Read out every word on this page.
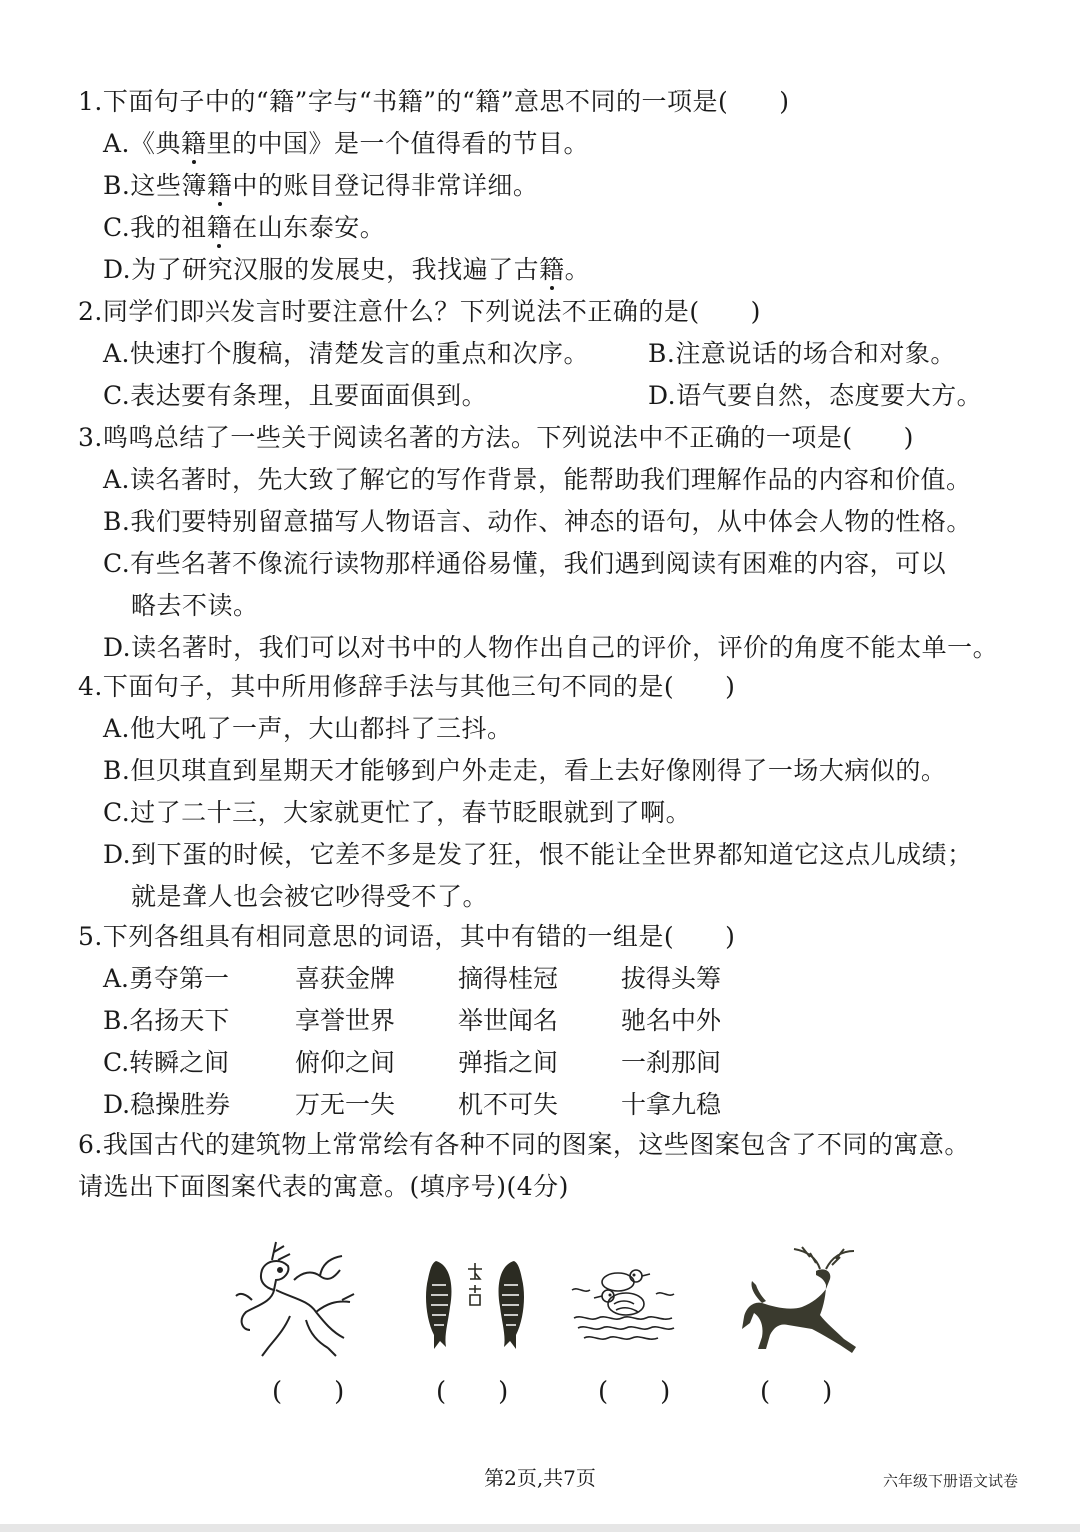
1.下面句子中的“籍”字与“书籍”的“籍”意思不同的一项是(　　)
A.《典籍里的中国》是一个值得看的节目。
B.这些簿籍中的账目登记得非常详细。
C.我的祖籍在山东泰安。
D.为了研究汉服的发展史，我找遍了古籍。
2.同学们即兴发言时要注意什么？下列说法不正确的是(　　)
A.快速打个腹稿，清楚发言的重点和次序。 B.注意说话的场合和对象。
C.表达要有条理，且要面面俱到。	D.语气要自然，态度要大方。
3.鸣鸣总结了一些关于阅读名著的方法。下列说法中不正确的一项是(　　)
A.读名著时，先大致了解它的写作背景，能帮助我们理解作品的内容和价值。
B.我们要特别留意描写人物语言、动作、神态的语句，从中体会人物的性格。
C.有些名著不像流行读物那样通俗易懂，我们遇到阅读有困难的内容，可以
略去不读。
D.读名著时，我们可以对书中的人物作出自己的评价，评价的角度不能太单一。
4.下面句子，其中所用修辞手法与其他三句不同的是(　　)
A.他大吼了一声，大山都抖了三抖。
B.但贝琪直到星期天才能够到户外走走，看上去好像刚得了一场大病似的。
C.过了二十三，大家就更忙了，春节眨眼就到了啊。
D.到下蛋的时候，它差不多是发了狂，恨不能让全世界都知道它这点儿成绩；
就是聋人也会被它吵得受不了。
5.下列各组具有相同意思的词语，其中有错的一组是(　　)
A.勇夺第一	喜获金牌	摘得桂冠	拔得头筹
B.名扬天下	享誉世界	举世闻名	驰名中外
C.转瞬之间	俯仰之间	弹指之间	一刹那间
D.稳操胜券	万无一失	机不可失	十拿九稳
6.我国古代的建筑物上常常绘有各种不同的图案，这些图案包含了不同的寓意。
请选出下面图案代表的寓意。(填序号)(4分)
(　　)	(　　)	(　　)	(　　)
第2页,共7页	六年级下册语文试卷
